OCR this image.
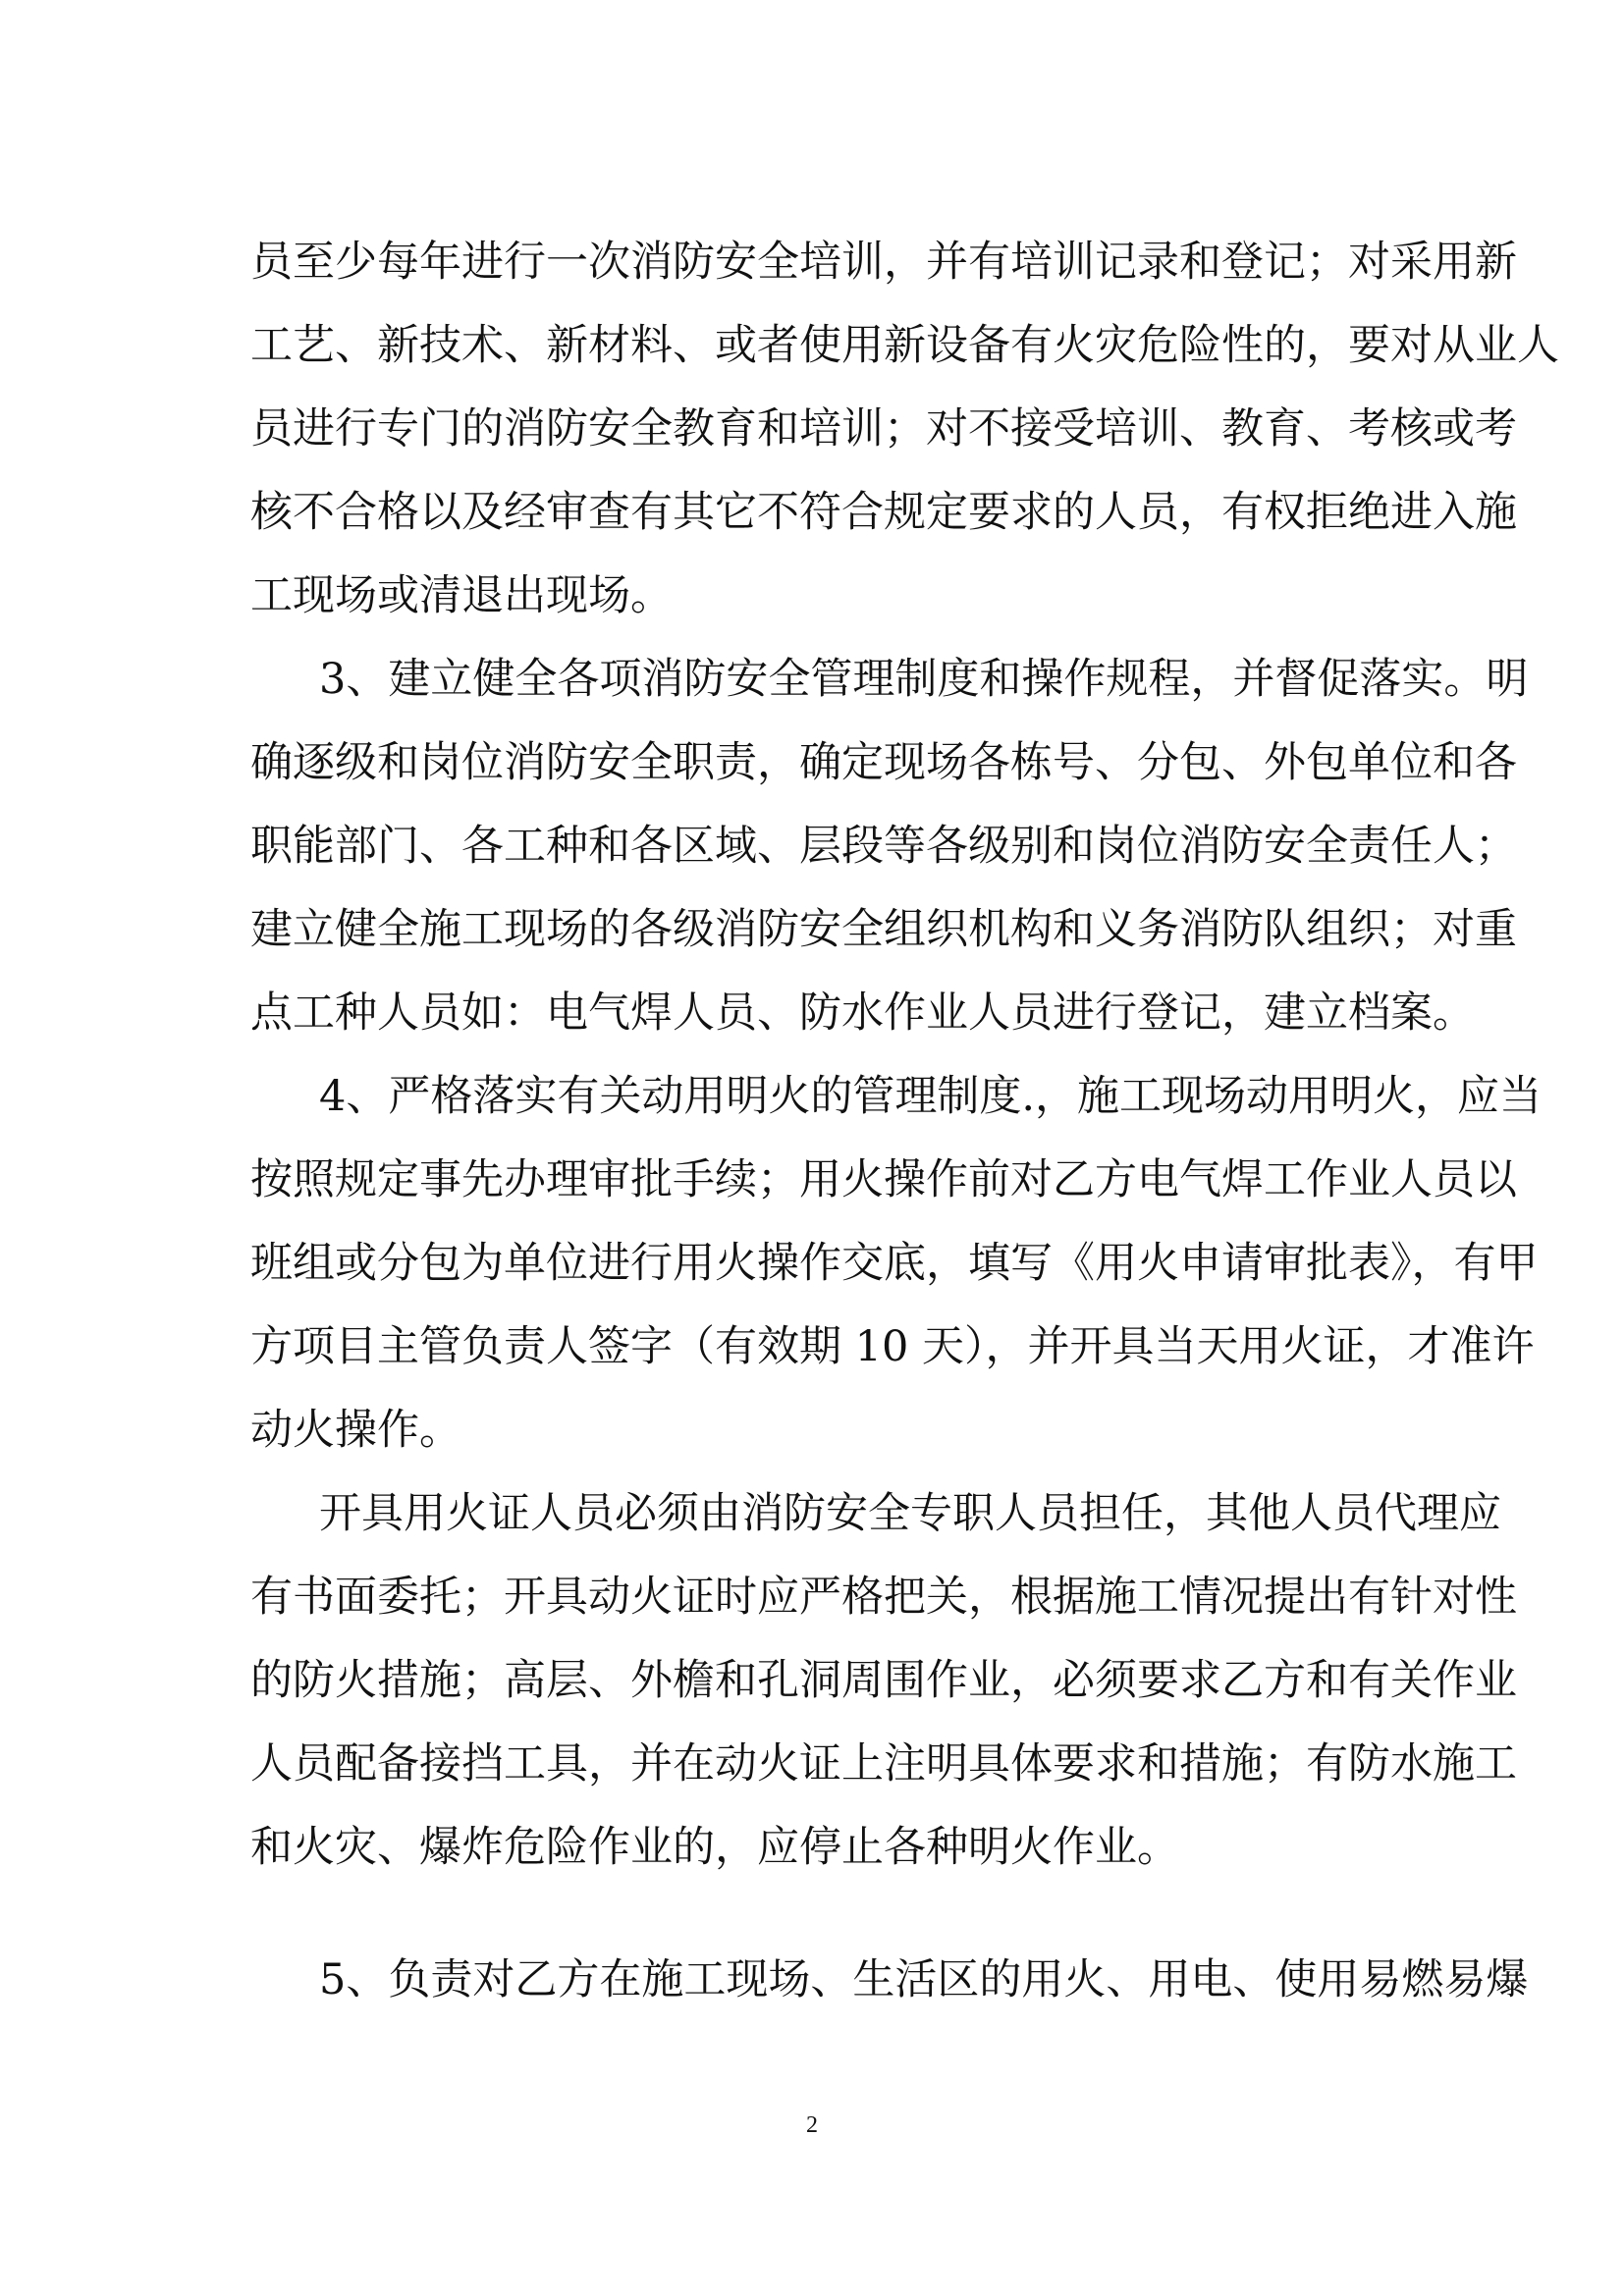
员至少每年进行一次消防安全培训，并有培训记录和登记；对采用新
工艺、新技术、新材料、或者使用新设备有火灾危险性的，要对从业人
员进行专门的消防安全教育和培训；对不接受培训、教育、考核或考
核不合格以及经审查有其它不符合规定要求的人员，有权拒绝进入施
工现场或清退出现场。
3、建立健全各项消防安全管理制度和操作规程，并督促落实。明
确逐级和岗位消防安全职责，确定现场各栋号、分包、外包单位和各
职能部门、各工种和各区域、层段等各级别和岗位消防安全责任人；
建立健全施工现场的各级消防安全组织机构和义务消防队组织；对重
点工种人员如：电气焊人员、防水作业人员进行登记，建立档案。
4、严格落实有关动用明火的管理制度.，施工现场动用明火，应当
按照规定事先办理审批手续；用火操作前对乙方电气焊工作业人员以
班组或分包为单位进行用火操作交底，填写《用火申请审批表》，有甲
方项目主管负责人签字（有效期 10 天），并开具当天用火证，才准许
动火操作。
开具用火证人员必须由消防安全专职人员担任，其他人员代理应
有书面委托；开具动火证时应严格把关，根据施工情况提出有针对性
的防火措施；高层、外檐和孔洞周围作业，必须要求乙方和有关作业
人员配备接挡工具，并在动火证上注明具体要求和措施；有防水施工
和火灾、爆炸危险作业的，应停止各种明火作业。
5、负责对乙方在施工现场、生活区的用火、用电、使用易燃易爆
2
